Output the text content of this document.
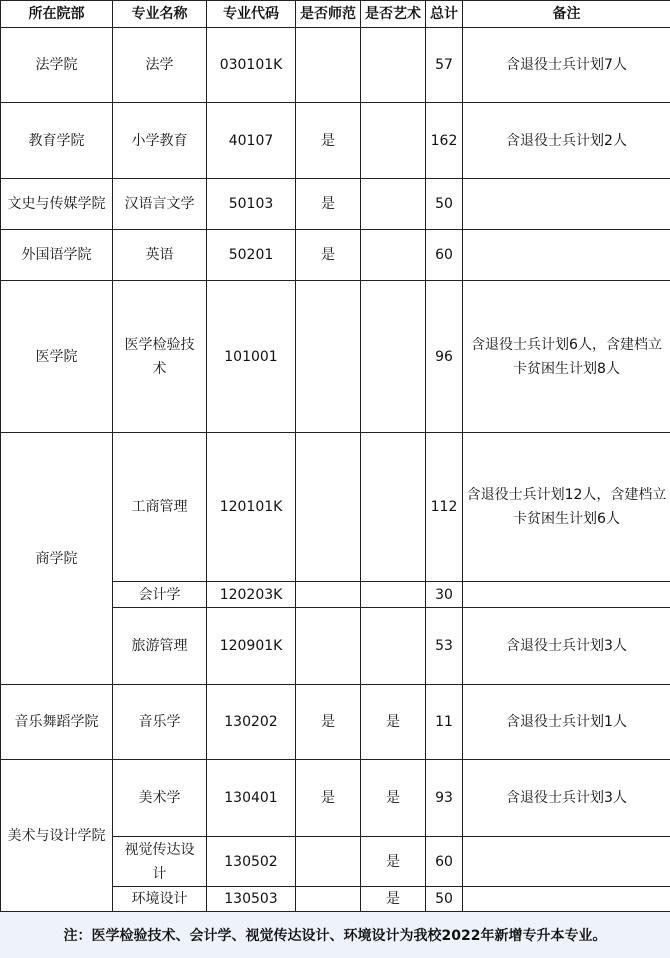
所在院部	专业名称	专业代码	是否师范	是否艺术	总计	备注
法学院	法学	030101K			57	含退役士兵计划7人
教育学院	小学教育	40107	是		162	含退役士兵计划2人
文史与传媒学院	汉语言文学	50103	是		50	
外国语学院	英语	50201	是		60	
医学院	医学检验技术	101001			96	含退役士兵计划6人，含建档立卡贫困生计划8人
商学院	工商管理	120101K			112	含退役士兵计划12人，含建档立卡贫困生计划6人
	会计学	120203K			30	
	旅游管理	120901K			53	含退役士兵计划3人
音乐舞蹈学院	音乐学	130202	是	是	11	含退役士兵计划1人
美术与设计学院	美术学	130401	是	是	93	含退役士兵计划3人
	视觉传达设计	130502		是	60	
	环境设计	130503		是	50	
注：医学检验技术、会计学、视觉传达设计、环境设计为我校2022年新增专升本专业。
